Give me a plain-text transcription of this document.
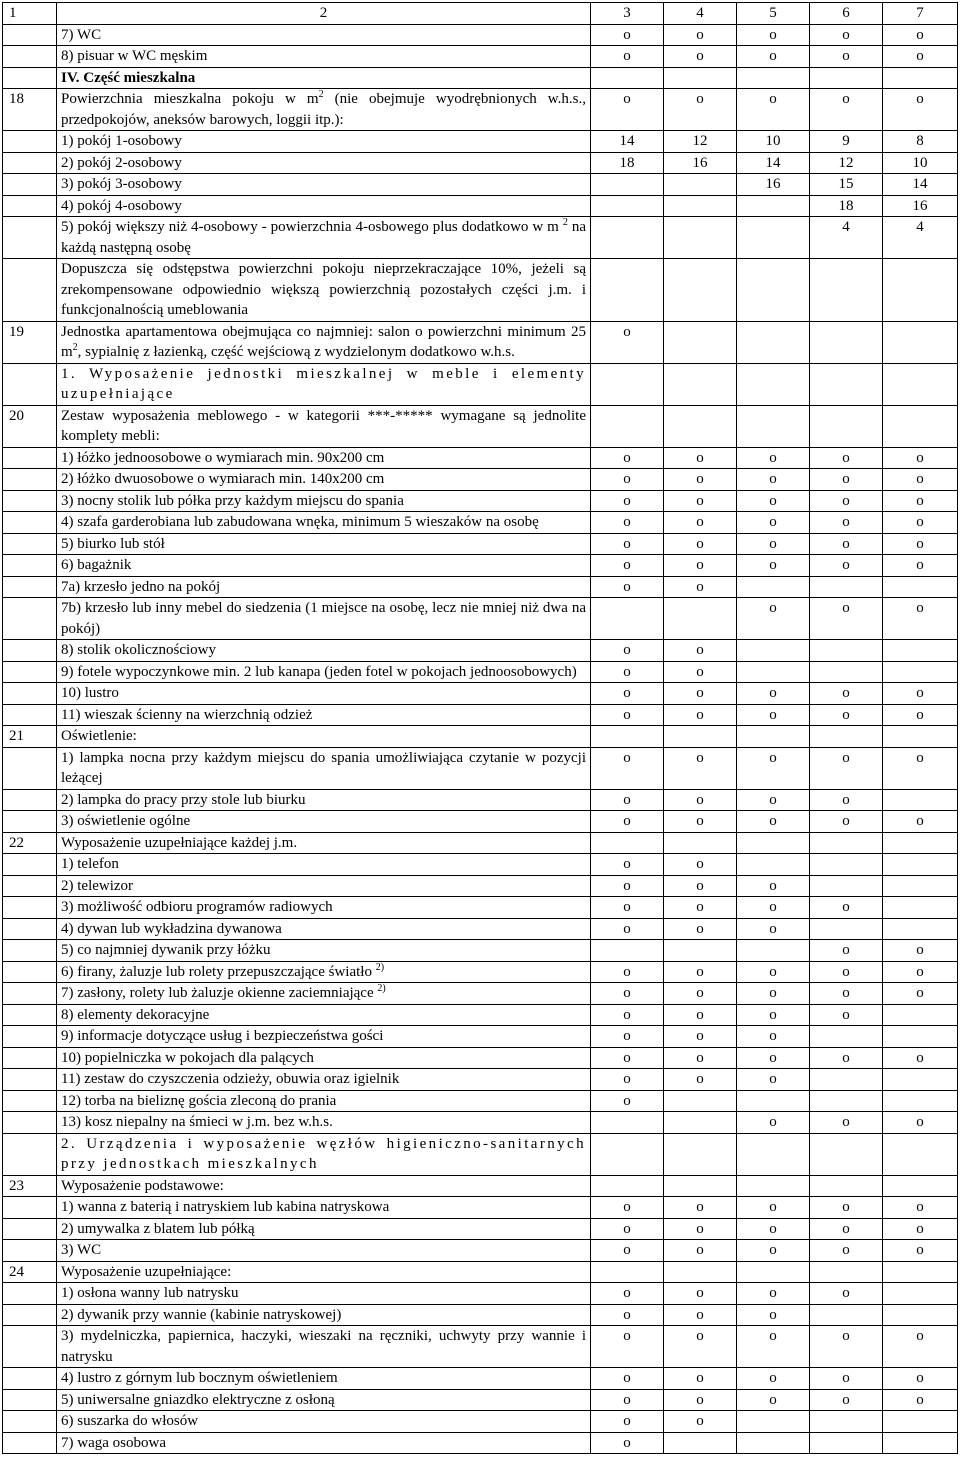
1	2	3	4	5	6	7
	7) WC	o	o	o	o	o
	8) pisuar w WC męskim	o	o	o	o	o
	IV. Część mieszkalna					
18	Powierzchnia mieszkalna pokoju w $m^2$ (nie obejmuje wyodrębnionych w.h.s., przedpokojów, aneksów barowych, loggii itp.):	o	o	o	o	o
	1) pokój 1-osobowy	14	12	10	9	8
	2) pokój 2-osobowy	18	16	14	12	10
	3) pokój 3-osobowy			16	15	14
	4) pokój 4-osobowy				18	16
	5) pokój większy niż 4-osobowy - powierzchnia 4-osbowego plus dodatkowo w m $^2$ na każdą następną osobę				4	4
	Dopuszcza się odstępstwa powierzchni pokoju nieprzekraczające 10%, jeżeli są zrekompensowane odpowiednio większą powierzchnią pozostałych części j.m. i funkcjonalnością umeblowania					
19	Jednostka apartamentowa obejmująca co najmniej: salon o powierzchni minimum 25 $m^2$, sypialnię z łazienką, część wejściową z wydzielonym dodatkowo w.h.s.	o				
	1. Wyposażenie jednostki mieszkalnej w meble i elementy uzupełniające					
20	Zestaw wyposażenia meblowego - w kategorii ***-***** wymagane są jednolite komplety mebli:					
	1) łóżko jednoosobowe o wymiarach min. 90x200 cm	o	o	o	o	o
	2) łóżko dwuosobowe o wymiarach min. 140x200 cm	o	o	o	o	o
	3) nocny stolik lub półka przy każdym miejscu do spania	o	o	o	o	o
	4) szafa garderobiana lub zabudowana wnęka, minimum 5 wieszaków na osobę	o	o	o	o	o
	5) biurko lub stół	o	o	o	o	o
	6) bagażnik	o	o	o	o	o
	7a) krzesło jedno na pokój	o	o			
	7b) krzesło lub inny mebel do siedzenia (1 miejsce na osobę, lecz nie mniej niż dwa na pokój)			o	o	o
	8) stolik okolicznościowy	o	o			
	9) fotele wypoczynkowe min. 2 lub kanapa (jeden fotel w pokojach jednoosobowych)	o	o			
	10) lustro	o	o	o	o	o
	11) wieszak ścienny na wierzchnią odzież	o	o	o	o	o
21	Oświetlenie:					
	1) lampka nocna przy każdym miejscu do spania umożliwiająca czytanie w pozycji leżącej	o	o	o	o	o
	2) lampka do pracy przy stole lub biurku	o	o	o	o	
	3) oświetlenie ogólne	o	o	o	o	o
22	Wyposażenie uzupełniające każdej j.m.					
	1) telefon	o	o			
	2) telewizor	o	o	o		
	3) możliwość odbioru programów radiowych	o	o	o	o	
	4) dywan lub wykładzina dywanowa	o	o	o		
	5) co najmniej dywanik przy łóżku				o	o
	6) firany, żaluzje lub rolety przepuszczające światło $^{2)}$	o	o	o	o	o
	7) zasłony, rolety lub żaluzje okienne zaciemniające $^{2)}$	o	o	o	o	o
	8) elementy dekoracyjne	o	o	o	o	
	9) informacje dotyczące usług i bezpieczeństwa gości	o	o	o		
	10) popielniczka w pokojach dla palących	o	o	o	o	o
	11) zestaw do czyszczenia odzieży, obuwia oraz igielnik	o	o	o		
	12) torba na bieliznę gościa zleconą do prania	o				
	13) kosz niepalny na śmieci w j.m. bez w.h.s.			o	o	o
	2. Urządzenia i wyposażenie węzłów higieniczno-sanitarnych przy jednostkach mieszkalnych					
23	Wyposażenie podstawowe:					
	1) wanna z baterią i natryskiem lub kabina natryskowa	o	o	o	o	o
	2) umywalka z blatem lub półką	o	o	o	o	o
	3) WC	o	o	o	o	o
24	Wyposażenie uzupełniające:					
	1) osłona wanny lub natrysku	o	o	o	o	
	2) dywanik przy wannie (kabinie natryskowej)	o	o	o		
	3) mydelniczka, papiernica, haczyki, wieszaki na ręczniki, uchwyty przy wannie i natrysku	o	o	o	o	o
	4) lustro z górnym lub bocznym oświetleniem	o	o	o	o	o
	5) uniwersalne gniazdko elektryczne z osłoną	o	o	o	o	o
	6) suszarka do włosów	o	o			
	7) waga osobowa	o				
